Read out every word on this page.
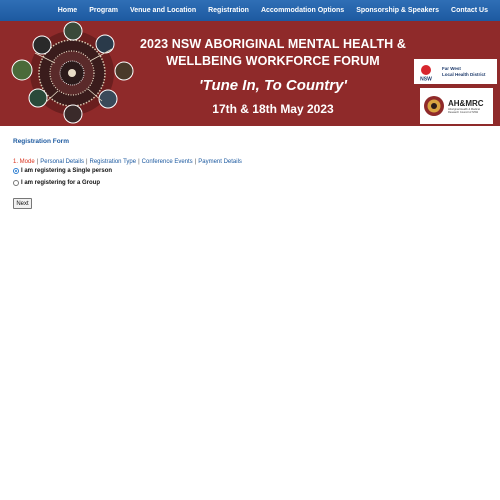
Home Program Venue and Location Registration Accommodation Options Sponsorship & Speakers Contact Us
2023 NSW ABORIGINAL MENTAL HEALTH &
WELLBEING WORKFORCE FORUM
'Tune In, To Country'
17th & 18th May 2023
NSW
Far West
Local Health District
AH&MRC
Aboriginal Health & Medical
Research Council of NSW
Registration Form
1. Mode | Personal Details | Registration Type | Conference Events | Payment Details
I am registering a Single person
I am registering for a Group
Next
